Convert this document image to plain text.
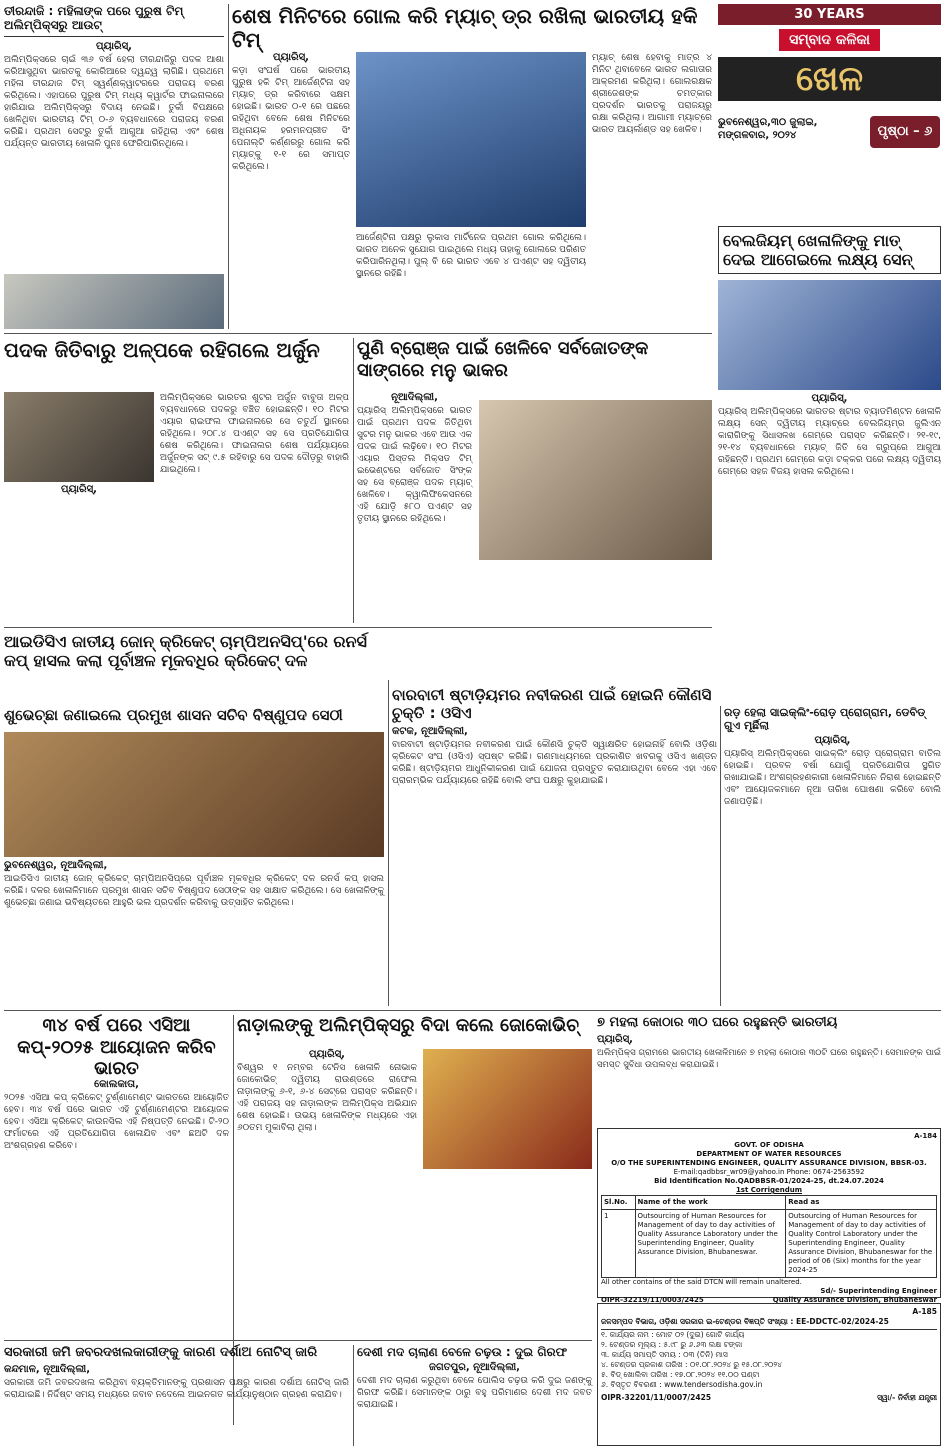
ତୀରନ୍ଦାଜି : ମହିଳାଙ୍କ ପରେ ପୁରୁଷ ଟିମ୍ ଅଲିମ୍ପିକ୍ସରୁ ଆଉଟ୍
ପ୍ୟାରିସ୍,
ଅଲିମ୍ପିକ୍ସରେ ଚାଇଁ ୩୬ ବର୍ଷ ହେଲା ତୀରନ୍ଦାଜିରୁ ପଦକ ଆଶା କରିଆସୁଥିବା ଭାରତକୁ କୋରିଆରେ ଦ୍ୱନ୍ଦ୍ୱ ଲାଗିଛି। ପ୍ରଥମେ ମହିଳା ତୀରନ୍ଦାଜ ଟିମ୍ ସ୍ୱର୍ଣ୍ଣକ୍ୱାଟରରେ ପରାଜୟ ବରଣ କରିଥିଲେ। ଏହାପରେ ପୁରୁଷ ଟିମ୍ ମଧ୍ୟ କ୍ୱାର୍ଟର ଫାଇନାଲରେ ହାରିଯାଇ ଅଲିମ୍ପିକ୍ସରୁ ବିଦାୟ ନେଇଛି। ତୁର୍କୀ ବିପକ୍ଷରେ ଖେଳିଥିବା ଭାରତୀୟ ଟିମ୍ ୦-୬ ବ୍ୟବଧାନରେ ପରାଜୟ ବରଣ କରିଛି। ପ୍ରଥମ ସେଟ୍‌ରୁ ତୁର୍କୀ ଆଗୁଆ ରହିଥିଲା ଏବଂ ଶେଷ ପର୍ଯ୍ୟନ୍ତ ଭାରତୀୟ ଖେଳାଳି ପୁନଃ ଫେରିପାରିନଥିଲେ।
ଶେଷ ମିନିଟରେ ଗୋଲ କରି ମ୍ୟାଚ୍ ଡ୍ର ରଖିଲା ଭାରତୀୟ ହକି ଟିମ୍
ପ୍ୟାରିସ୍,
କଡ଼ା ସଂଘର୍ଷ ପରେ ଭାରତୀୟ ପୁରୁଷ ହକି ଟିମ୍ ଆର୍ଜେଣ୍ଟିନା ସହ ମ୍ୟାଚ୍ ଡ୍ର କରିବାରେ ସକ୍ଷମ ହୋଇଛି। ଭାରତ ୦-୧ ରେ ପଛରେ ରହିଥିବା ବେଳେ ଶେଷ ମିନିଟରେ ଅଧିନାୟକ ହରମନପ୍ରୀତ ସିଂ ପେନାଲ୍ଟି କର୍ଣ୍ଣରରୁ ଗୋଲ କରି ମ୍ୟାଚ୍‌କୁ ୧-୧ ରେ ସମାପ୍ତ କରିଥିଲେ।
ଆର୍ଜେଣ୍ଟିନା ପକ୍ଷରୁ ଲୁକାସ ମାର୍ଟିନେଜ ପ୍ରଥମ ଗୋଲ କରିଥିଲେ। ଭାରତ ଅନେକ ସୁଯୋଗ ପାଇଥିଲେ ମଧ୍ୟ ତାହାକୁ ଗୋଲରେ ପରିଣତ କରିପାରିନଥିଲା। ପୁଲ୍ ବି ରେ ଭାରତ ଏବେ ୪ ପଏଣ୍ଟ ସହ ଦ୍ୱିତୀୟ ସ୍ଥାନରେ ରହିଛି।
ମ୍ୟାଚ୍ ଶେଷ ହେବାକୁ ମାତ୍ର ୪ ମିନିଟ ଥିବାବେଳେ ଭାରତ ଲଗାତାର ଆକ୍ରମଣ କରିଥିଲା। ଗୋଲରକ୍ଷକ ଶ୍ରୀଜେଶଙ୍କ ଚମତ୍କାର ପ୍ରଦର୍ଶନ ଭାରତକୁ ପରାଜୟରୁ ରକ୍ଷା କରିଥିଲା। ଆଗାମୀ ମ୍ୟାଚ୍‌ରେ ଭାରତ ଆୟର୍ଲାଣ୍ଡ ସହ ଖେଳିବ।
30 YEARS
ସମ୍ବାଦ କଳିକା
ଖେଳ
ଭୁବନେଶ୍ୱର,୩୦ ଜୁଲାଇ,
ମଙ୍ଗଳବାର, ୨୦୨୪	ପୃଷ୍ଠା – ୬
ବେଲଜିୟମ୍ ଖେଳାଳିଙ୍କୁ ମାତ୍ ଦେଇ ଆଗେଇଲେ ଲକ୍ଷ୍ୟ ସେନ୍
ପ୍ୟାରିସ୍,
ପ୍ୟାରିସ୍ ଅଲିମ୍ପିକ୍ସରେ ଭାରତର ଷ୍ଟାର ବ୍ୟାଡମିଣ୍ଟନ ଖେଳାଳି ଲକ୍ଷ୍ୟ ସେନ୍ ଦ୍ୱିତୀୟ ମ୍ୟାଚ୍‌ରେ ବେଲଜିୟମ୍‌ର ଜୁଲିଏନ କାରାଗିଙ୍କୁ ସିଧାସଳଖ ଗେମ୍‌ରେ ପରାସ୍ତ କରିଛନ୍ତି। ୨୧-୧୯, ୨୧-୧୪ ବ୍ୟବଧାନରେ ମ୍ୟାଚ୍ ଜିତି ସେ ଗ୍ରୁପ୍‌ରେ ଆଗୁଆ ରହିଛନ୍ତି। ପ୍ରଥମ ଗେମ୍‌ରେ କଡ଼ା ଟକ୍କର ପରେ ଲକ୍ଷ୍ୟ ଦ୍ୱିତୀୟ ଗେମ୍‌ରେ ସହଜ ବିଜୟ ହାସଲ କରିଥିଲେ।
ପଦକ ଜିତିବାରୁ ଅଳ୍ପକେ ରହିଗଲେ ଅର୍ଜୁନ
ପ୍ୟାରିସ୍,
ଅଲିମ୍ପିକ୍ସରେ ଭାରତର ଶୁଟର ଅର୍ଜୁନ ବାବୁତା ଅଳ୍ପ ବ୍ୟବଧାନରେ ପଦକରୁ ବଞ୍ଚିତ ହୋଇଛନ୍ତି। ୧୦ ମିଟର ଏୟାର ରାଇଫଲ ଫାଇନାଲରେ ସେ ଚତୁର୍ଥ ସ୍ଥାନରେ ରହିଥିଲେ। ୨୦୮.୪ ପଏଣ୍ଟ ସହ ସେ ପ୍ରତିଯୋଗିତା ଶେଷ କରିଥିଲେ। ଫାଇନାଲର ଶେଷ ପର୍ଯ୍ୟାୟରେ ଅର୍ଜୁନଙ୍କ ସଟ୍ ୯.୫ ରହିବାରୁ ସେ ପଦକ ଦୌଡ଼ରୁ ବାହାରି ଯାଇଥିଲେ।
ପୁଣି ବ୍ରୋଞ୍ଜ ପାଇଁ ଖେଳିବେ ସର୍ବଜୋତଙ୍କ ସାଙ୍ଗରେ ମନୁ ଭାକର
ନୂଆଦିଲ୍ଲୀ,
ପ୍ୟାରିସ୍ ଅଲିମ୍ପିକ୍ସରେ ଭାରତ ପାଇଁ ପ୍ରଥମ ପଦକ ଜିତିଥିବା ସୁଟର ମନୁ ଭାକର ଏବେ ଆଉ ଏକ ପଦକ ପାଇଁ ଲଢ଼ିବେ। ୧୦ ମିଟର ଏୟାର ପିସ୍ତଲ ମିକ୍ସଡ ଟିମ୍ ଇଭେଣ୍ଟରେ ସର୍ବଜୋତ ସିଂଙ୍କ ସହ ସେ ବ୍ରୋଞ୍ଜ ପଦକ ମ୍ୟାଚ୍ ଖେଳିବେ। କ୍ୱାଲିଫିକେସନରେ ଏହି ଯୋଡ଼ି ୫୮୦ ପଏଣ୍ଟ ସହ ତୃତୀୟ ସ୍ଥାନରେ ରହିଥିଲେ।
ଆଇଡିସିଏ ଜାତୀୟ ଜୋନ୍ କ୍ରିକେଟ୍ ଚାମ୍ପିଅନସିପ୍'ରେ ରନର୍ସ
କପ୍ ହାସଲ କଲା ପୂର୍ବାଞ୍ଚଳ ମୂକବଧିର କ୍ରିକେଟ୍ ଦଳ
ଶୁଭେଚ୍ଛା ଜଣାଇଲେ ପ୍ରମୁଖ ଶାସନ ସଚିବ ବିଷ୍ଣୁପଦ ସେଠୀ
ଭୁବନେଶ୍ୱର, ନୂଆଦିଲ୍ଲୀ,
ଆଇଡିସିଏ ଜାତୀୟ ଜୋନ୍ କ୍ରିକେଟ୍ ଚାମ୍ପିଅନସିପ୍‌ରେ ପୂର୍ବାଞ୍ଚଳ ମୂକବଧିର କ୍ରିକେଟ୍ ଦଳ ରନର୍ସ କପ୍ ହାସଲ କରିଛି। ଦଳର ଖେଳାଳିମାନେ ପ୍ରମୁଖ ଶାସନ ସଚିବ ବିଷ୍ଣୁପଦ ସେଠୀଙ୍କ ସହ ସାକ୍ଷାତ କରିଥିଲେ। ସେ ଖେଳାଳିଙ୍କୁ ଶୁଭେଚ୍ଛା ଜଣାଇ ଭବିଷ୍ୟତରେ ଆହୁରି ଭଲ ପ୍ରଦର୍ଶନ କରିବାକୁ ଉତ୍ସାହିତ କରିଥିଲେ।
ବାରବାଟୀ ଷ୍ଟାଡ଼ିୟମର ନବୀକରଣ ପାଇଁ ହୋଇନି କୌଣସି ଚୁକ୍ତି : ଓସିଏ
କଟକ, ନୂଆଦିଲ୍ଲୀ,
ବାରବାଟୀ ଷ୍ଟାଡ଼ିୟମର ନବୀକରଣ ପାଇଁ କୌଣସି ଚୁକ୍ତି ସ୍ୱାକ୍ଷରିତ ହୋଇନାହିଁ ବୋଲି ଓଡ଼ିଶା କ୍ରିକେଟ ସଂଘ (ଓସିଏ) ସ୍ପଷ୍ଟ କରିଛି। ଗଣମାଧ୍ୟମରେ ପ୍ରକାଶିତ ଖବରକୁ ଓସିଏ ଖଣ୍ଡନ କରିଛି। ଷ୍ଟାଡ଼ିୟମର ଆଧୁନିକୀକରଣ ପାଇଁ ଯୋଜନା ପ୍ରସ୍ତୁତ କରାଯାଉଥିବା ବେଳେ ଏହା ଏବେ ପ୍ରାରମ୍ଭିକ ପର୍ଯ୍ୟାୟରେ ରହିଛି ବୋଲି ସଂଘ ପକ୍ଷରୁ କୁହାଯାଇଛି।
ରଡ଼ ହେଲା ସାଇକ୍ଲିଂ-ରୋଡ଼ ପ୍ରୋଗ୍ରାମ, ଡେବିଡ୍ ଗୁଏ ମୂର୍ଛିଲା
ପ୍ୟାରିସ୍,
ପ୍ୟାରିସ୍ ଅଲିମ୍ପିକ୍ସରେ ସାଇକ୍ଲିଂ ରୋଡ଼ ପ୍ରୋଗ୍ରାମ ବାତିଲ ହୋଇଛି। ପ୍ରବଳ ବର୍ଷା ଯୋଗୁଁ ପ୍ରତିଯୋଗିତା ସ୍ଥଗିତ ରଖାଯାଇଛି। ଅଂଶଗ୍ରହଣକାରୀ ଖେଳାଳିମାନେ ନିରାଶ ହୋଇଛନ୍ତି ଏବଂ ଆୟୋଜକମାନେ ନୂଆ ତାରିଖ ଘୋଷଣା କରିବେ ବୋଲି ଜଣାପଡ଼ିଛି।
୩୪ ବର୍ଷ ପରେ ଏସିଆ କପ୍-୨୦୨୫ ଆୟୋଜନ କରିବ ଭାରତ
କୋଲକାତା,
୨୦୨୫ ଏସିଆ କପ୍ କ୍ରିକେଟ୍ ଟୁର୍ଣ୍ଣାମେଣ୍ଟ ଭାରତରେ ଆୟୋଜିତ ହେବ। ୩୪ ବର୍ଷ ପରେ ଭାରତ ଏହି ଟୁର୍ଣ୍ଣାମେଣ୍ଟର ଆୟୋଜକ ହେବ। ଏସିଆ କ୍ରିକେଟ୍ କାଉନସିଲ ଏହି ନିଷ୍ପତ୍ତି ନେଇଛି। ଟି-୨୦ ଫର୍ମାଟରେ ଏହି ପ୍ରତିଯୋଗିତା ଖେଳାଯିବ ଏବଂ ଛଅଟି ଦଳ ଅଂଶଗ୍ରହଣ କରିବେ।
ନାଡ଼ାଲଙ୍କୁ ଅଲିମ୍ପିକ୍ସରୁ ବିଦା କଲେ ଜୋକୋଭିଚ୍
ପ୍ୟାରିସ୍,
ବିଶ୍ୱର ୧ ନମ୍ବର ଟେନିସ ଖେଳାଳି ନୋଭାକ ଜୋକୋଭିଚ୍ ଦ୍ୱିତୀୟ ରାଉଣ୍ଡରେ ରାଫେଲ ନାଡ଼ାଲଙ୍କୁ ୬-୧, ୬-୪ ସେଟ୍‌ରେ ପରାସ୍ତ କରିଛନ୍ତି। ଏହି ପରାଜୟ ସହ ନାଡ଼ାଲଙ୍କ ଅଲିମ୍ପିକ୍ସ ଅଭିଯାନ ଶେଷ ହୋଇଛି। ଉଭୟ ଖେଳାଳିଙ୍କ ମଧ୍ୟରେ ଏହା ୬୦ତମ ମୁକାବିଲା ଥିଲା।
୭ ମହଲା କୋଠାର ୩୦ ଘରେ ରହୁଛନ୍ତି ଭାରତୀୟ
ପ୍ୟାରିସ୍,
ଅଲିମ୍ପିକ୍ସ ଗ୍ରାମରେ ଭାରତୀୟ ଖେଳାଳିମାନେ ୭ ମହଲା କୋଠାର ୩୦ଟି ଘରେ ରହୁଛନ୍ତି। ସେମାନଙ୍କ ପାଇଁ ସମସ୍ତ ସୁବିଧା ଉପଲବ୍ଧ କରାଯାଇଛି।
A-184
GOVT. OF ODISHA
DEPARTMENT OF WATER RESOURCES
O/O THE SUPERINTENDING ENGINEER, QUALITY ASSURANCE DIVISION, BBSR-03.
E-mail:qadbbsr_wr09@yahoo.in Phone: 0674-2563592
Bid Identification No.QADBBSR-01/2024-25, dt.24.07.2024
1st Corrigendum
Sl.No.	Name of the work	Read as
1	Outsourcing of Human Resources for Management of day to day activities of Quality Assurance Laboratory under the Superintending Engineer, Quality Assurance Division, Bhubaneswar.	Outsourcing of Human Resources for Management of day to day activities of Quality Control Laboratory under the Superintending Engineer, Quality Assurance Division, Bhubaneswar for the period of 06 (Six) months for the year 2024-25
All other contains of the said DTCN will remain unaltered.
Sd/- Superintending Engineer
OIPR-32219/11/0003/2425	Quality Assurance Division, Bhubaneswar
A-185
ଜଳସମ୍ପଦ ବିଭାଗ, ଓଡ଼ିଶା ସରକାର ଇ-ଟେଣ୍ଡର ବିଜ୍ଞପ୍ତି ସଂଖ୍ୟା : EE-DDCTC-02/2024-25
୧. କାର୍ଯ୍ୟର ନାମ : ମୋଟ ୦୨ (ଦୁଇ) ଗୋଟି କାର୍ଯ୍ୟ
୨. ଟେଣ୍ଡର ମୂଲ୍ୟ : ୫.୯୮ ରୁ ୬.୬୩ ଲକ୍ଷ ଟଙ୍କା
୩. କାର୍ଯ୍ୟ ସମାପ୍ତି ସମୟ : ୦୩ (ତିନି) ମାସ
୪. ଟେଣ୍ଡର ପ୍ରକାଶ ତାରିଖ : ୦୧.୦୮.୨୦୨୪ ରୁ ୧୫.୦୮.୨୦୨୪
୫. ବିଡ୍ ଖୋଲିବା ତାରିଖ : ୧୭.୦୮.୨୦୨୪ ୧୧.୦୦ ଘଣ୍ଟା
୬. ବିସ୍ତୃତ ବିବରଣୀ : www.tendersodisha.gov.in
OIPR-32201/11/0007/2425	ସ୍ୱା/- ନିର୍ବାହୀ ଯନ୍ତ୍ରୀ
ସରକାରୀ ଜମି ଜବରଦଖଲକାରୀଙ୍କୁ କାରଣ ଦର୍ଶାଅ ନୋଟିସ୍ ଜାରି
କନ୍ଦମାଳ, ନୂଆଦିଲ୍ଲୀ,
ସରକାରୀ ଜମି ଜବରଦଖଲ କରିଥିବା ବ୍ୟକ୍ତିମାନଙ୍କୁ ପ୍ରଶାସନ ପକ୍ଷରୁ କାରଣ ଦର୍ଶାଅ ନୋଟିସ୍ ଜାରି କରାଯାଇଛି। ନିର୍ଦ୍ଦିଷ୍ଟ ସମୟ ମଧ୍ୟରେ ଜବାବ ନଦେଲେ ଆଇନଗତ କାର୍ଯ୍ୟାନୁଷ୍ଠାନ ଗ୍ରହଣ କରାଯିବ।
ଦେଶୀ ମଦ ଚାଲାଣ ବେଳେ ଚଢ଼ଉ : ଦୁଇ ଗିରଫ
ଜଗତପୁର, ନୂଆଦିଲ୍ଲୀ,
ଦେଶୀ ମଦ ଚାଲାଣ କରୁଥିବା ବେଳେ ପୋଲିସ ଚଢ଼ଉ କରି ଦୁଇ ଜଣଙ୍କୁ ଗିରଫ କରିଛି। ସେମାନଙ୍କ ଠାରୁ ବହୁ ପରିମାଣର ଦେଶୀ ମଦ ଜବତ କରାଯାଇଛି।
